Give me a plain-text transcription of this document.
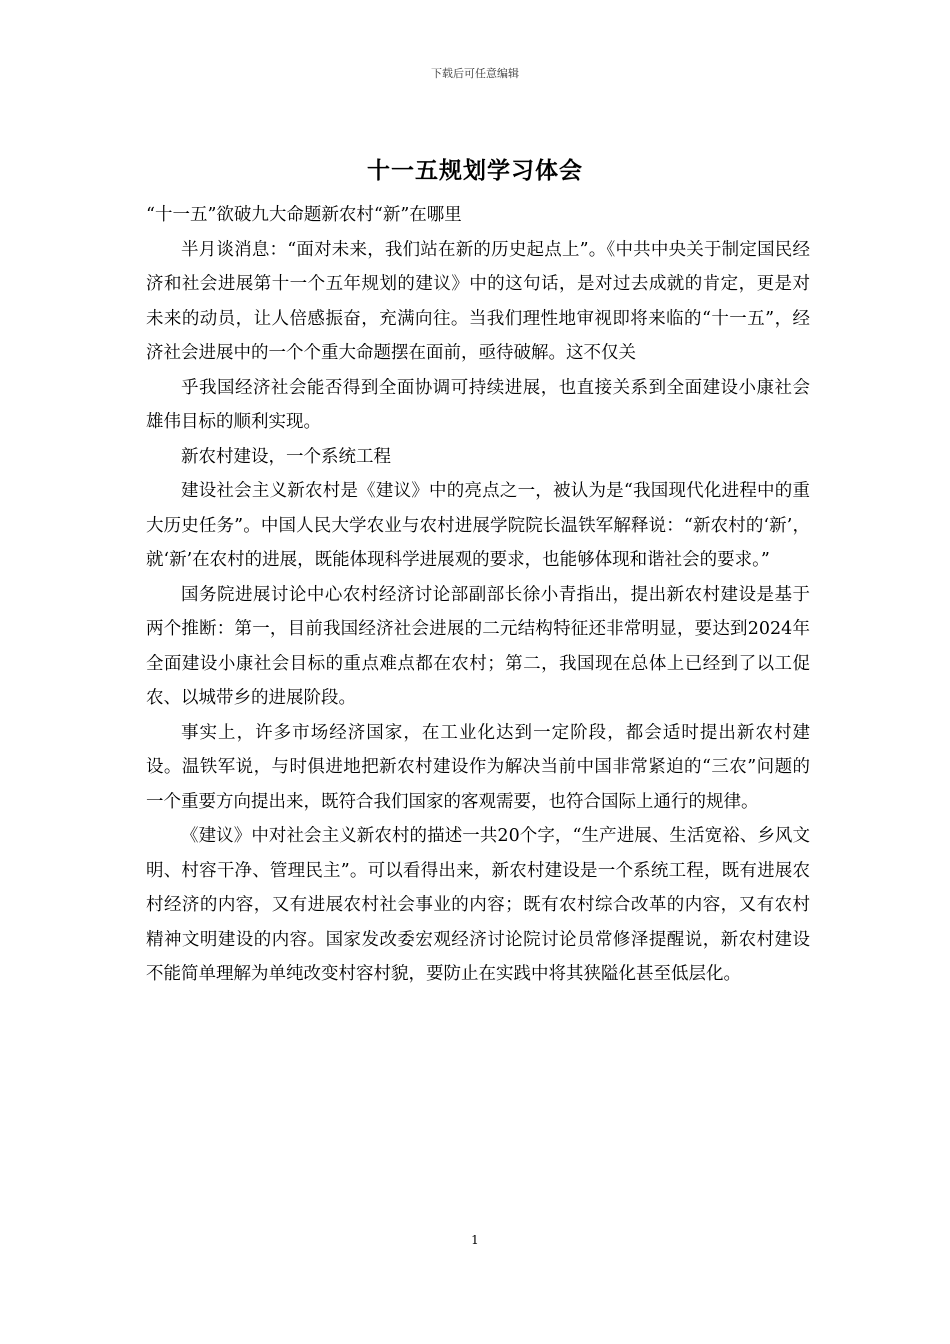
下载后可任意编辑
十一五规划学习体会

“十一五”欲破九大命题新农村“新”在哪里

半月谈消息：“面对未来，我们站在新的历史起点上”。《中共中央关于制定国民经济和社会进展第十一个五年规划的建议》中的这句话，是对过去成就的肯定，更是对未来的动员，让人倍感振奋，充满向往。当我们理性地审视即将来临的“十一五”，经济社会进展中的一个个重大命题摆在面前，亟待破解。这不仅关

乎我国经济社会能否得到全面协调可持续进展，也直接关系到全面建设小康社会雄伟目标的顺利实现。

新农村建设，一个系统工程

建设社会主义新农村是《建议》中的亮点之一，被认为是“我国现代化进程中的重大历史任务”。中国人民大学农业与农村进展学院院长温铁军解释说：“新农村的‘新’，就‘新’在农村的进展，既能体现科学进展观的要求，也能够体现和谐社会的要求。”

国务院进展讨论中心农村经济讨论部副部长徐小青指出，提出新农村建设是基于两个推断：第一，目前我国经济社会进展的二元结构特征还非常明显，要达到2024年全面建设小康社会目标的重点难点都在农村；第二，我国现在总体上已经到了以工促农、以城带乡的进展阶段。

事实上，许多市场经济国家，在工业化达到一定阶段，都会适时提出新农村建设。温铁军说，与时俱进地把新农村建设作为解决当前中国非常紧迫的“三农”问题的一个重要方向提出来，既符合我们国家的客观需要，也符合国际上通行的规律。

《建议》中对社会主义新农村的描述一共20个字，“生产进展、生活宽裕、乡风文明、村容干净、管理民主”。可以看得出来，新农村建设是一个系统工程，既有进展农村经济的内容，又有进展农村社会事业的内容；既有农村综合改革的内容，又有农村精神文明建设的内容。国家发改委宏观经济讨论院讨论员常修泽提醒说，新农村建设不能简单理解为单纯改变村容村貌，要防止在实践中将其狭隘化甚至低层化。

1
